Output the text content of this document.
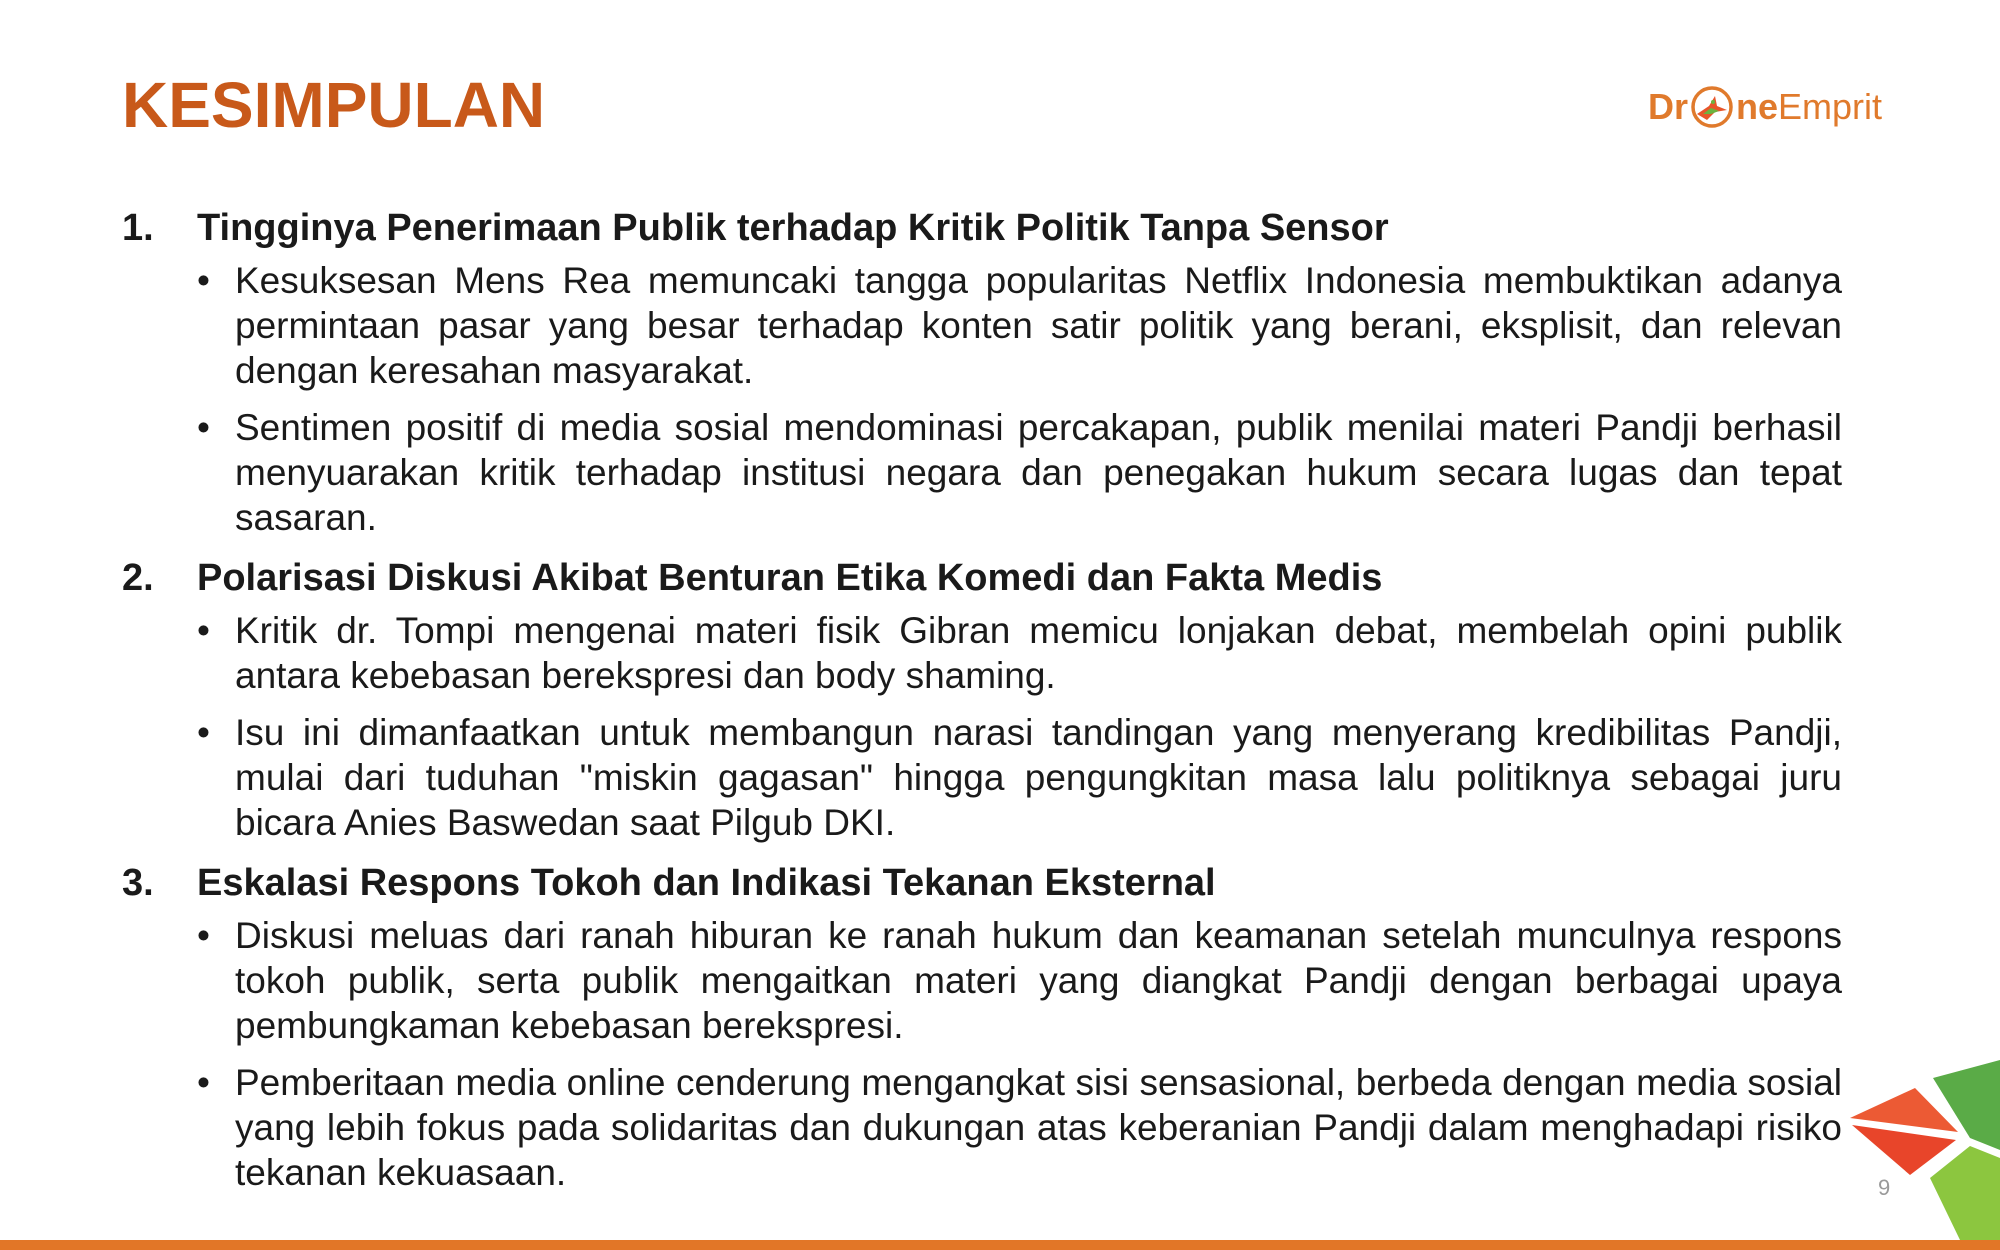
KESIMPULAN	Dr ne Emprit
1.	Tingginya Penerimaan Publik terhadap Kritik Politik Tanpa Sensor
• Kesuksesan Mens Rea memuncaki tangga popularitas Netflix Indonesia membuktikan adanya permintaan pasar yang besar terhadap konten satir politik yang berani, eksplisit, dan relevan dengan keresahan masyarakat.
• Sentimen positif di media sosial mendominasi percakapan, publik menilai materi Pandji berhasil menyuarakan kritik terhadap institusi negara dan penegakan hukum secara lugas dan tepat sasaran.
2.	Polarisasi Diskusi Akibat Benturan Etika Komedi dan Fakta Medis
• Kritik dr. Tompi mengenai materi fisik Gibran memicu lonjakan debat, membelah opini publik antara kebebasan berekspresi dan body shaming.
• Isu ini dimanfaatkan untuk membangun narasi tandingan yang menyerang kredibilitas Pandji, mulai dari tuduhan "miskin gagasan" hingga pengungkitan masa lalu politiknya sebagai juru bicara Anies Baswedan saat Pilgub DKI.
3.	Eskalasi Respons Tokoh dan Indikasi Tekanan Eksternal
• Diskusi meluas dari ranah hiburan ke ranah hukum dan keamanan setelah munculnya respons tokoh publik, serta publik mengaitkan materi yang diangkat Pandji dengan berbagai upaya pembungkaman kebebasan berekspresi.
• Pemberitaan media online cenderung mengangkat sisi sensasional, berbeda dengan media sosial yang lebih fokus pada solidaritas dan dukungan atas keberanian Pandji dalam menghadapi risiko tekanan kekuasaan.	9
